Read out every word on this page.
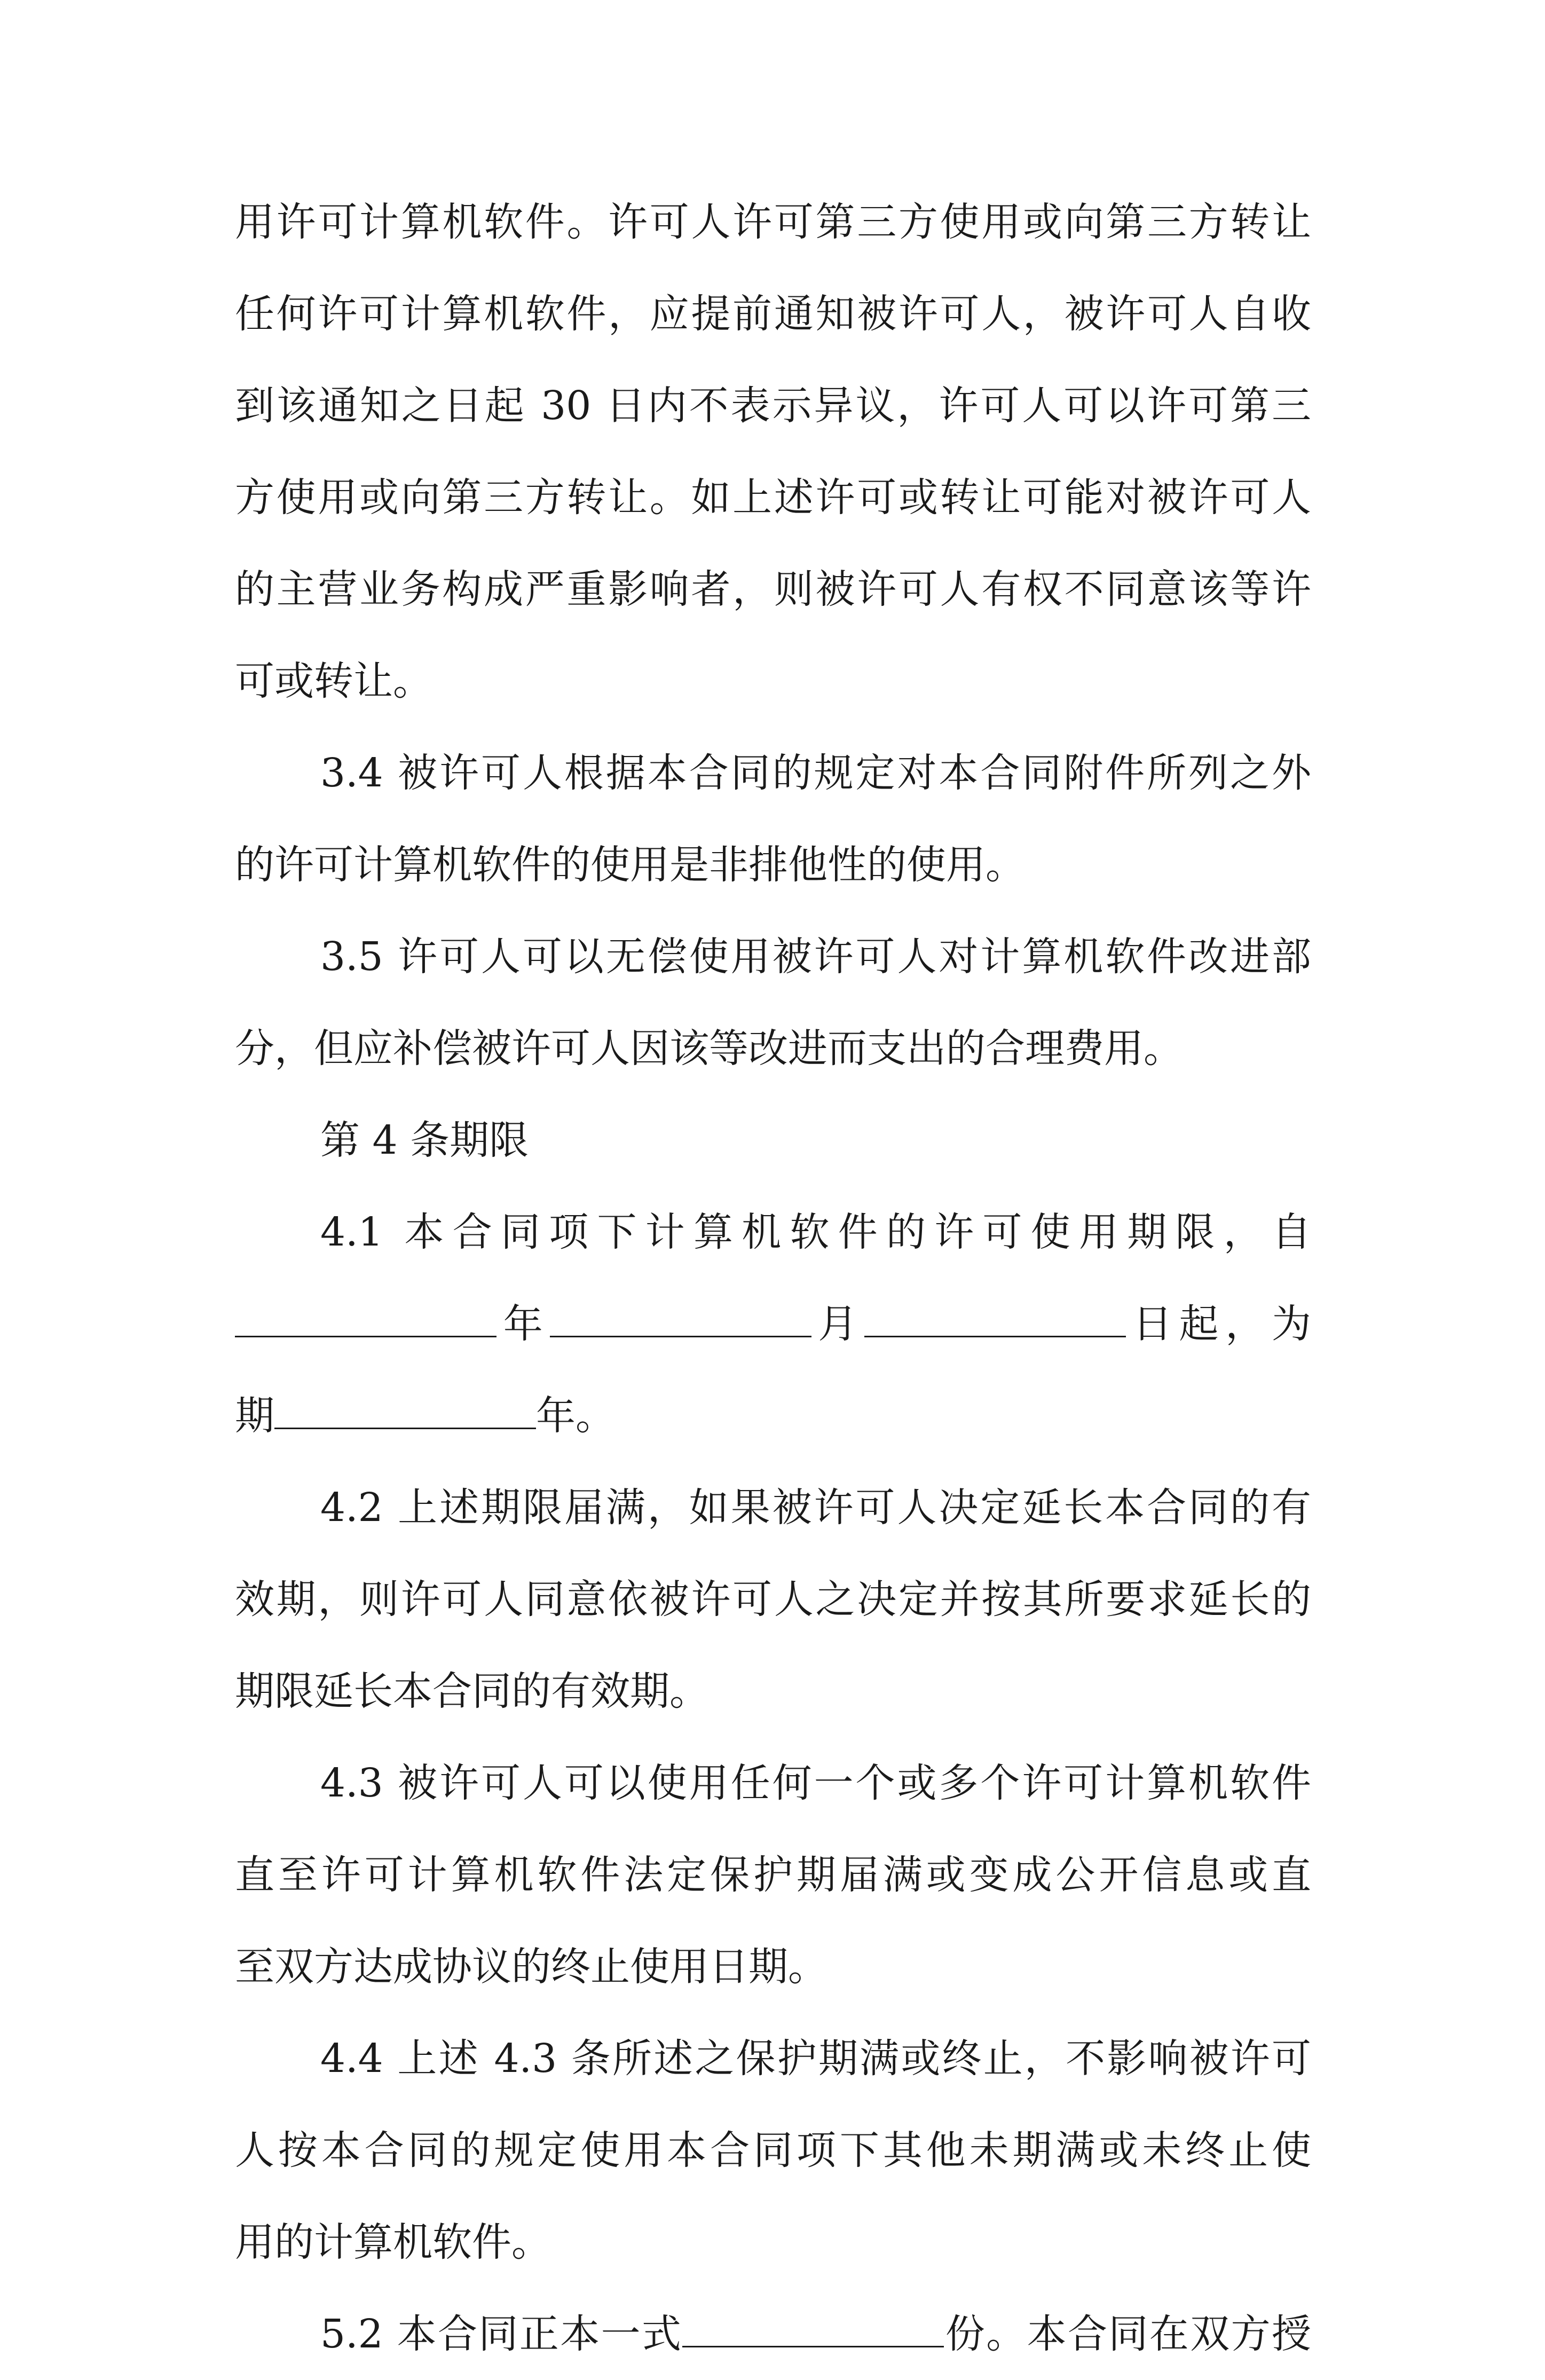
用许可计算机软件。许可人许可第三方使用或向第三方转让
任何许可计算机软件，应提前通知被许可人，被许可人自收
到该通知之日起 30 日内不表示异议，许可人可以许可第三
方使用或向第三方转让。如上述许可或转让可能对被许可人
的主营业务构成严重影响者，则被许可人有权不同意该等许
可或转让。
3.4 被许可人根据本合同的规定对本合同附件所列之外
的许可计算机软件的使用是非排他性的使用。
3.5 许可人可以无偿使用被许可人对计算机软件改进部
分，但应补偿被许可人因该等改进而支出的合理费用。
第 4 条期限
4.1 本合同项下计算机软件的许可使用期限，自
年	月	日起，为
期	年。
4.2 上述期限届满，如果被许可人决定延长本合同的有
效期，则许可人同意依被许可人之决定并按其所要求延长的
期限延长本合同的有效期。
4.3 被许可人可以使用任何一个或多个许可计算机软件
直至许可计算机软件法定保护期届满或变成公开信息或直
至双方达成协议的终止使用日期。
4.4 上述 4.3 条所述之保护期满或终止，不影响被许可
人按本合同的规定使用本合同项下其他未期满或未终止使
用的计算机软件。
5.2 本合同正本一式	份。本合同在双方授
